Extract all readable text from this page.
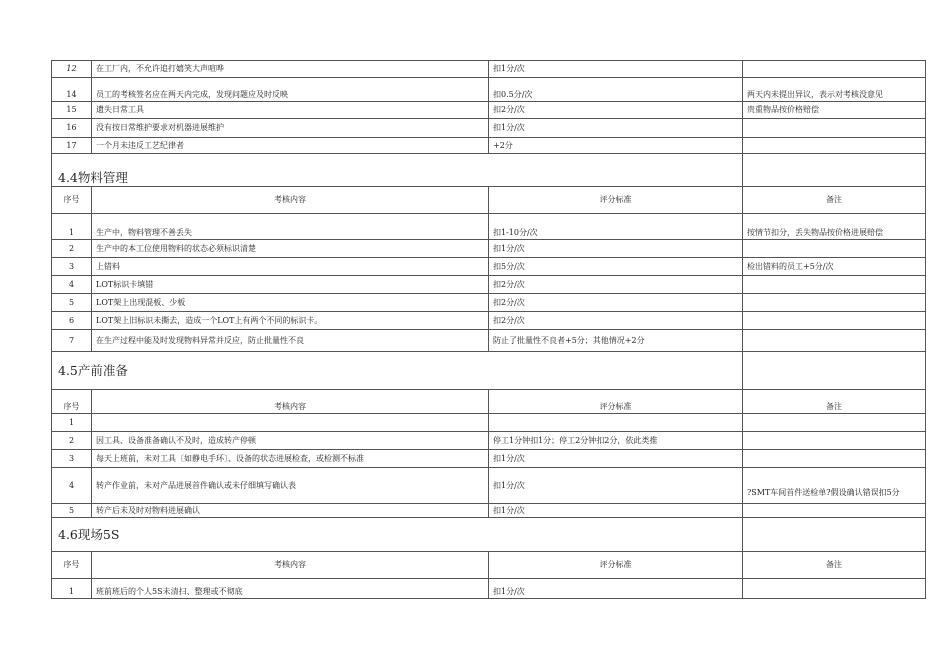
12	在工厂内，不允许追打嬉笑大声喧哗	扣1分/次	
14	员工的考核签名应在两天内完成，发现问题应及时反映	扣0.5分/次	两天内未提出异议，表示对考核没意见
15	遗失日常工具	扣2分/次	贵重物品按价格赔偿
16	没有按日常维护要求对机器进展维护	扣1分/次	
17	一个月未违反工艺纪律者	+2分	
4.4物料管理			
序号	考核内容	评分标准	备注
1	生产中，物料管理不善丢失	扣1-10分/次	按情节扣分，丢失物品按价格进展赔偿
2	生产中的本工位使用物料的状态必须标识清楚	扣1分/次	
3	上错料	扣5分/次	检出错料的员工+5分/次
4	LOT标识卡填错	扣2分/次	
5	LOT架上出现混板、少板	扣2分/次	
6	LOT架上旧标识未撕去，造成一个LOT上有两个不同的标识卡。	扣2分/次	
7	在生产过程中能及时发现物料异常并反应，防止批量性不良	防止了批量性不良者+5分；其他情况+2分	
4.5产前准备			
序号	考核内容	评分标准	备注
1			
2	因工具、设备准备确认不及时，造成转产停顿	停工1分钟扣1分；停工2分钟扣2分，依此类推	
3	每天上班前，未对工具〔如静电手环〕、设备的状态进展检查，或检测不标准	扣1分/次	
4	转产作业前，未对产品进展首件确认或未仔细填写确认表	扣1分/次	?SMT车间首件送检单?假设确认错误扣5分
5	转产后未及时对物料进展确认	扣1分/次	
4.6现场5S			
序号	考核内容	评分标准	备注
1	班前班后的个人5S未清扫、整理或不彻底	扣1分/次	
